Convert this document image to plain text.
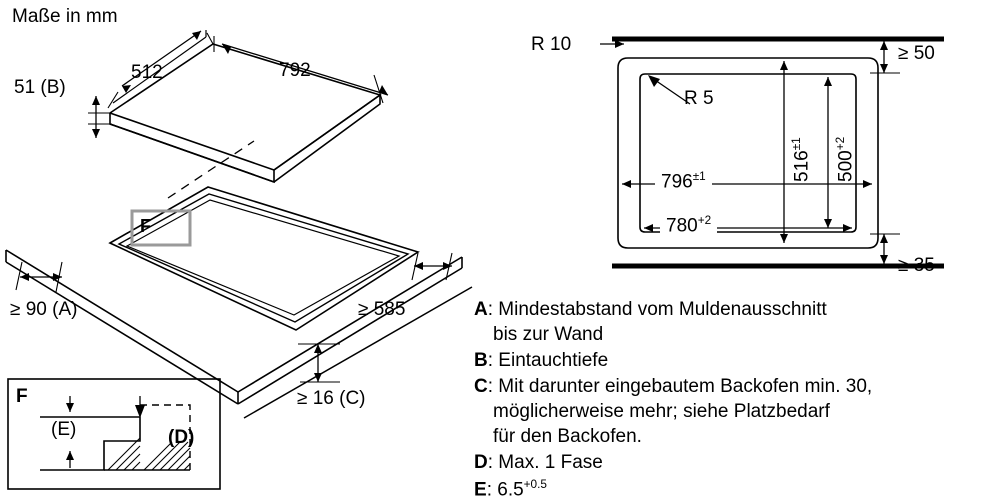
Maße in mm
512	792
51 (B)
≥ 90 (A)	≥ 585
≥ 16 (C)
F
F
(E)	(D)
R 10
R 5
≥ 50
≥ 35
$516^{\pm 1}$
$500^{+2}$
$796^{\pm 1}$
$780^{+2}$
A: Mindestabstand vom Muldenausschnitt
bis zur Wand
B: Eintauchtiefe
C: Mit darunter eingebautem Backofen min. 30,
möglicherweise mehr; siehe Platzbedarf
für den Backofen.
D: Max. 1 Fase
E: $6.5^{+0.5}$
